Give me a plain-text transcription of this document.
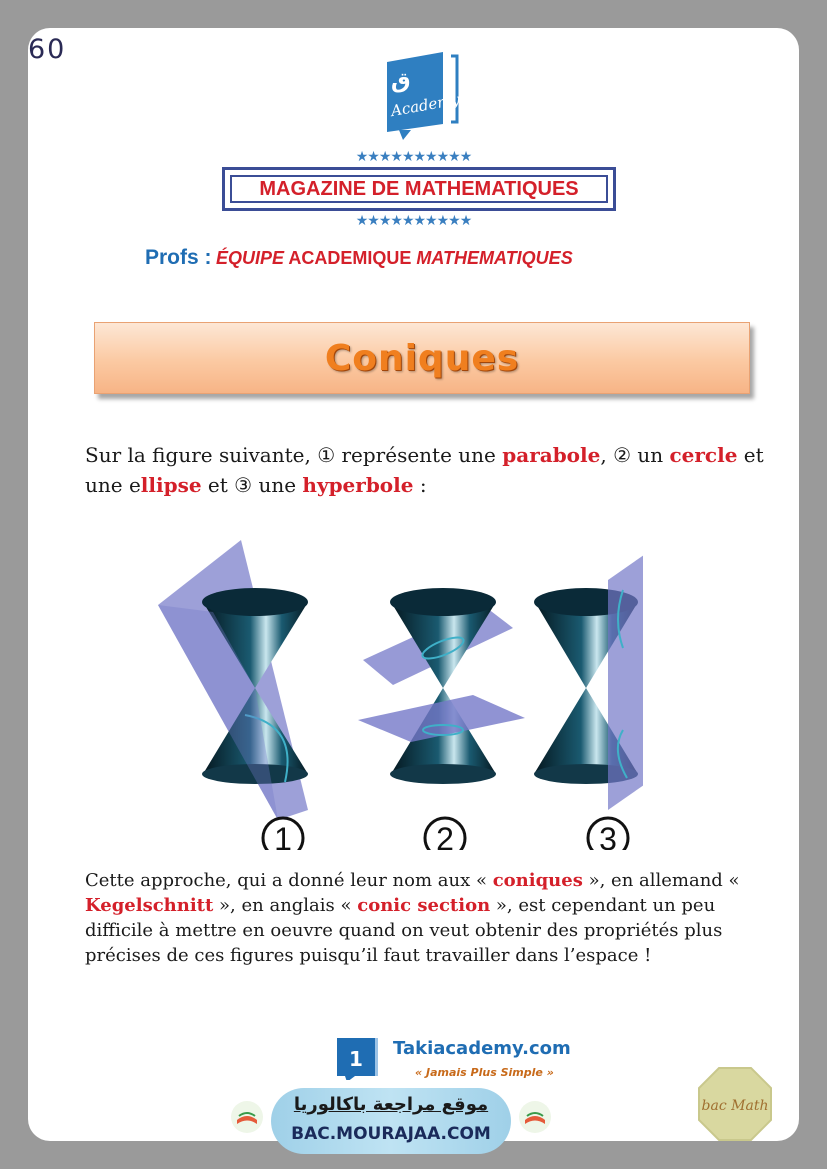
60
ق
Academy
★★★★★★★★★★
MAGAZINE DE MATHEMATIQUES
★★★★★★★★★★
Profs : ÉQUIPE ACADEMIQUE MATHEMATIQUES
Coniques
Sur la figure suivante, ① représente une parabole, ② un cercle et une ellipse et ③ une hyperbole :
1	2	3
Cette approche, qui a donné leur nom aux « coniques », en allemand « Kegelschnitt », en anglais « conic section », est cependant un peu difficile à mettre en oeuvre quand on veut obtenir des propriétés plus précises de ces figures puisqu’il faut travailler dans l’espace !
1 Takiacademy.com
« Jamais Plus Simple »
موقع مراجعة باكالوريا
BAC.MOURAJAA.COM
bac Math
